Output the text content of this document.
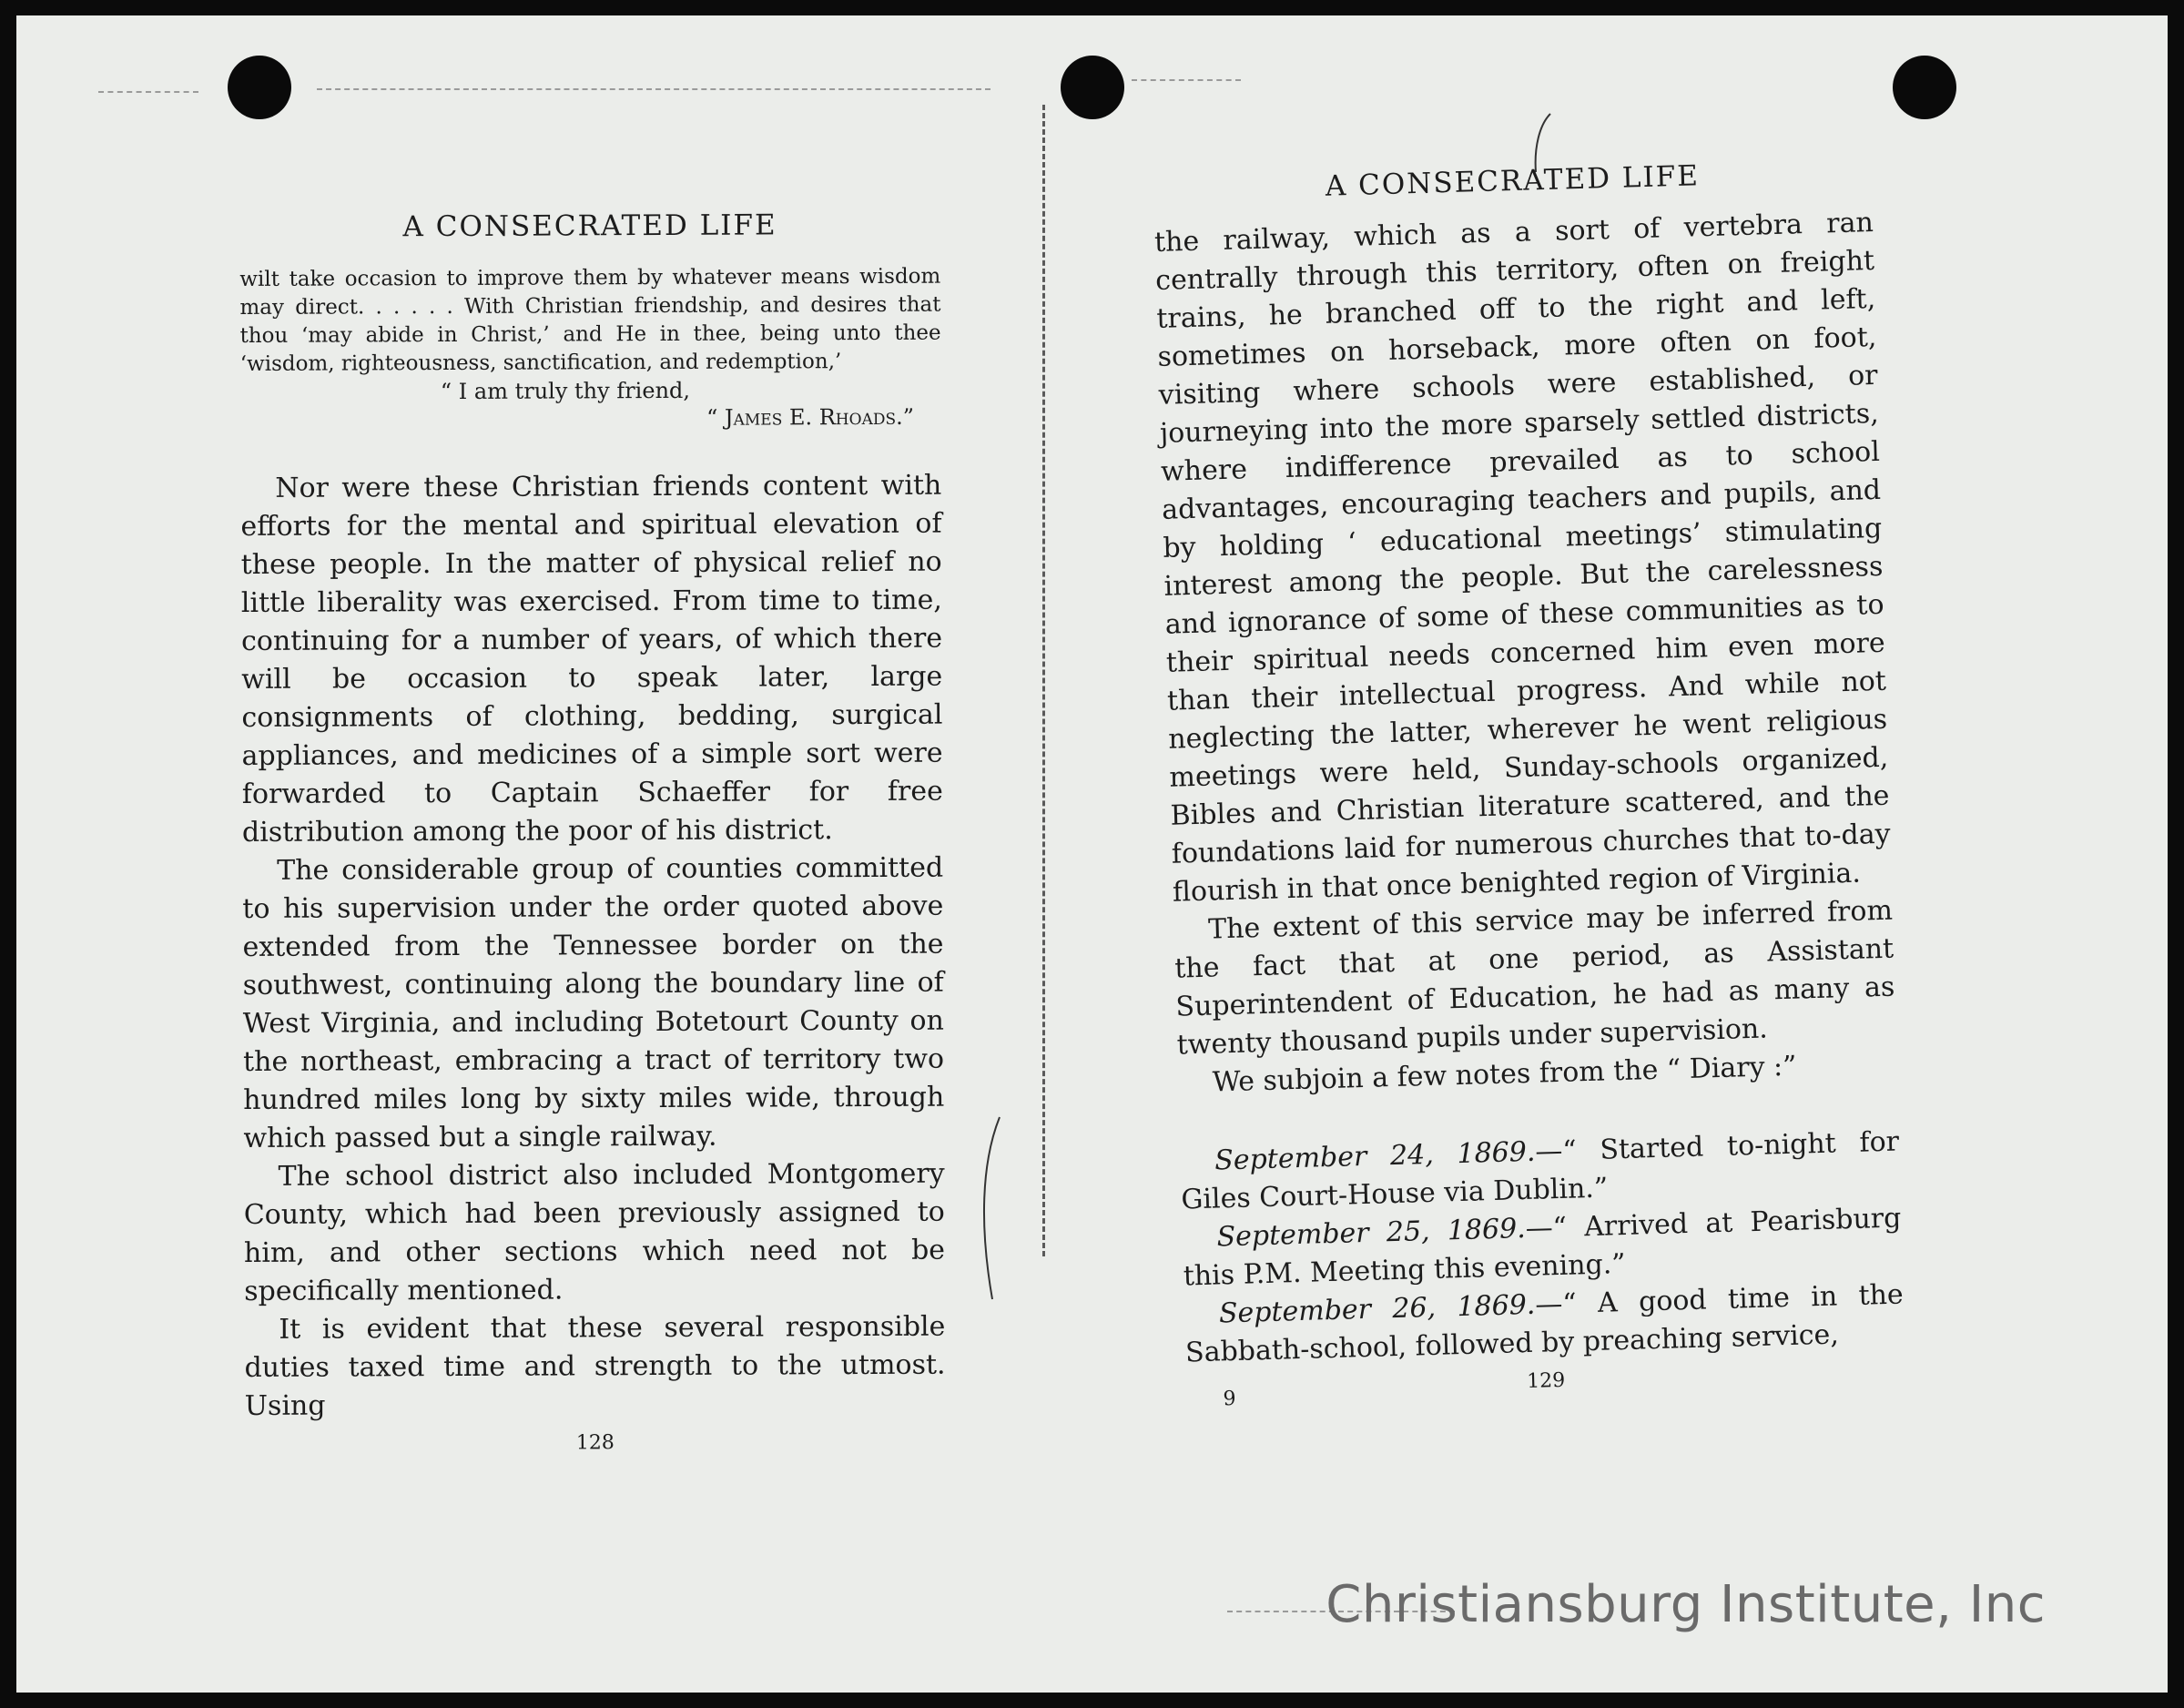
A CONSECRATED LIFE

wilt take occasion to improve them by whatever means wisdom may direct. . . . . . With Christian friendship, and desires that thou ‘may abide in Christ,’ and He in thee, being unto thee ‘wisdom, righteousness, sanctification, and redemption,’

“ I am truly thy friend,

“ James E. Rhoads.”

Nor were these Christian friends content with efforts for the mental and spiritual elevation of these people. In the matter of physical relief no little liberality was exercised. From time to time, continuing for a number of years, of which there will be occasion to speak later, large consignments of clothing, bedding, surgical appliances, and medicines of a simple sort were forwarded to Captain Schaeffer for free distribution among the poor of his district.

The considerable group of counties committed to his supervision under the order quoted above extended from the Tennessee border on the southwest, continuing along the boundary line of West Virginia, and including Botetourt County on the northeast, embracing a tract of territory two hundred miles long by sixty miles wide, through which passed but a single railway.

The school district also included Montgomery County, which had been previously assigned to him, and other sections which need not be specifically mentioned.

It is evident that these several responsible duties taxed time and strength to the utmost. Using

128
A CONSECRATED LIFE

the railway, which as a sort of vertebra ran centrally through this territory, often on freight trains, he branched off to the right and left, sometimes on horseback, more often on foot, visiting where schools were established, or journeying into the more sparsely settled districts, where indifference prevailed as to school advantages, encouraging teachers and pupils, and by holding ‘ educational meetings’ stimulating interest among the people. But the carelessness and ignorance of some of these communities as to their spiritual needs concerned him even more than their intellectual progress. And while not neglecting the latter, wherever he went religious meetings were held, Sunday-schools organized, Bibles and Christian literature scattered, and the foundations laid for numerous churches that to-day flourish in that once benighted region of Virginia.

The extent of this service may be inferred from the fact that at one period, as Assistant Superintendent of Education, he had as many as twenty thousand pupils under supervision.

We subjoin a few notes from the “ Diary :”

September 24, 1869.—“ Started to-night for Giles Court-House via Dublin.”

September 25, 1869.—“ Arrived at Pearisburg this P.M. Meeting this evening.”

September 26, 1869.—“ A good time in the Sabbath-school, followed by preaching service,

9
129
Christiansburg Institute, Inc
